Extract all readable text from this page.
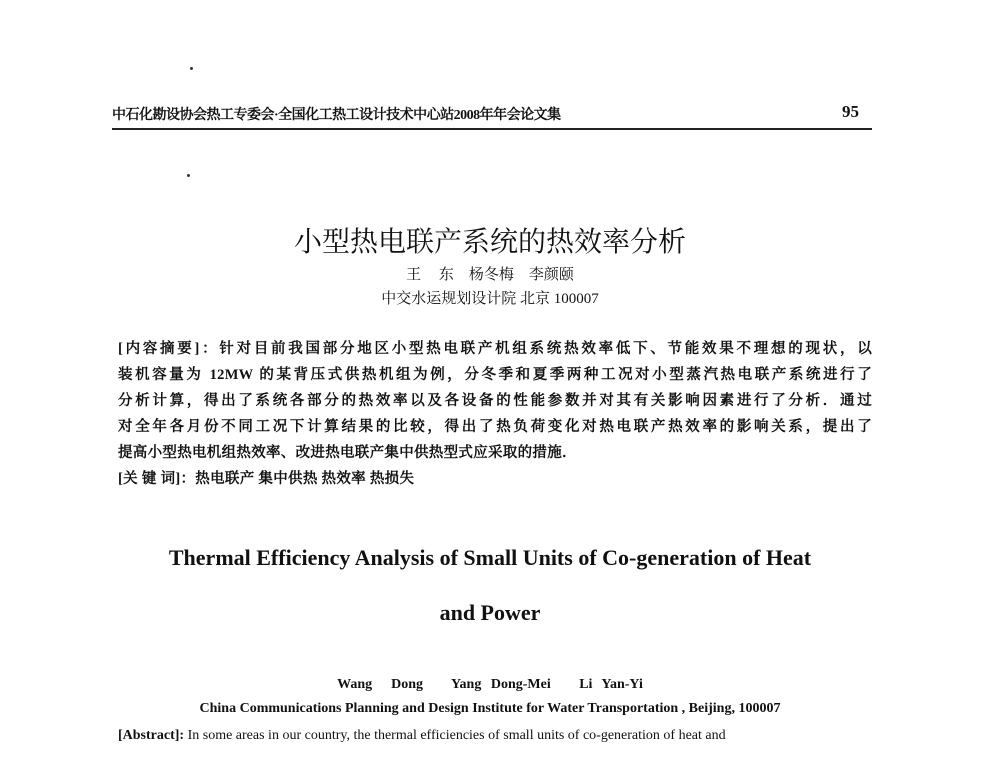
中石化勘设协会热工专委会·全国化工热工设计技术中心站2008年年会论文集	95
小型热电联产系统的热效率分析
王 东　杨冬梅　李颜颐
中交水运规划设计院 北京 100007

[内容摘要]：针对目前我国部分地区小型热电联产机组系统热效率低下、节能效果不理想的现状，以

装机容量为 12MW 的某背压式供热机组为例，分冬季和夏季两种工况对小型蒸汽热电联产系统进行了

分析计算，得出了系统各部分的热效率以及各设备的性能参数并对其有关影响因素进行了分析．通过

对全年各月份不同工况下计算结果的比较，得出了热负荷变化对热电联产热效率的影响关系，提出了

提高小型热电机组热效率、改进热电联产集中供热型式应采取的措施．

[关 键 词]：热电联产 集中供热 热效率 热损失

Thermal Efficiency Analysis of Small Units of Co-generation of Heat
and Power
Wang  Dong   Yang Dong-Mei   Li Yan-Yi
China Communications Planning and Design Institute for Water Transportation , Beijing, 100007
[Abstract]: In some areas in our country, the thermal efficiencies of small units of co-generation of heat and
